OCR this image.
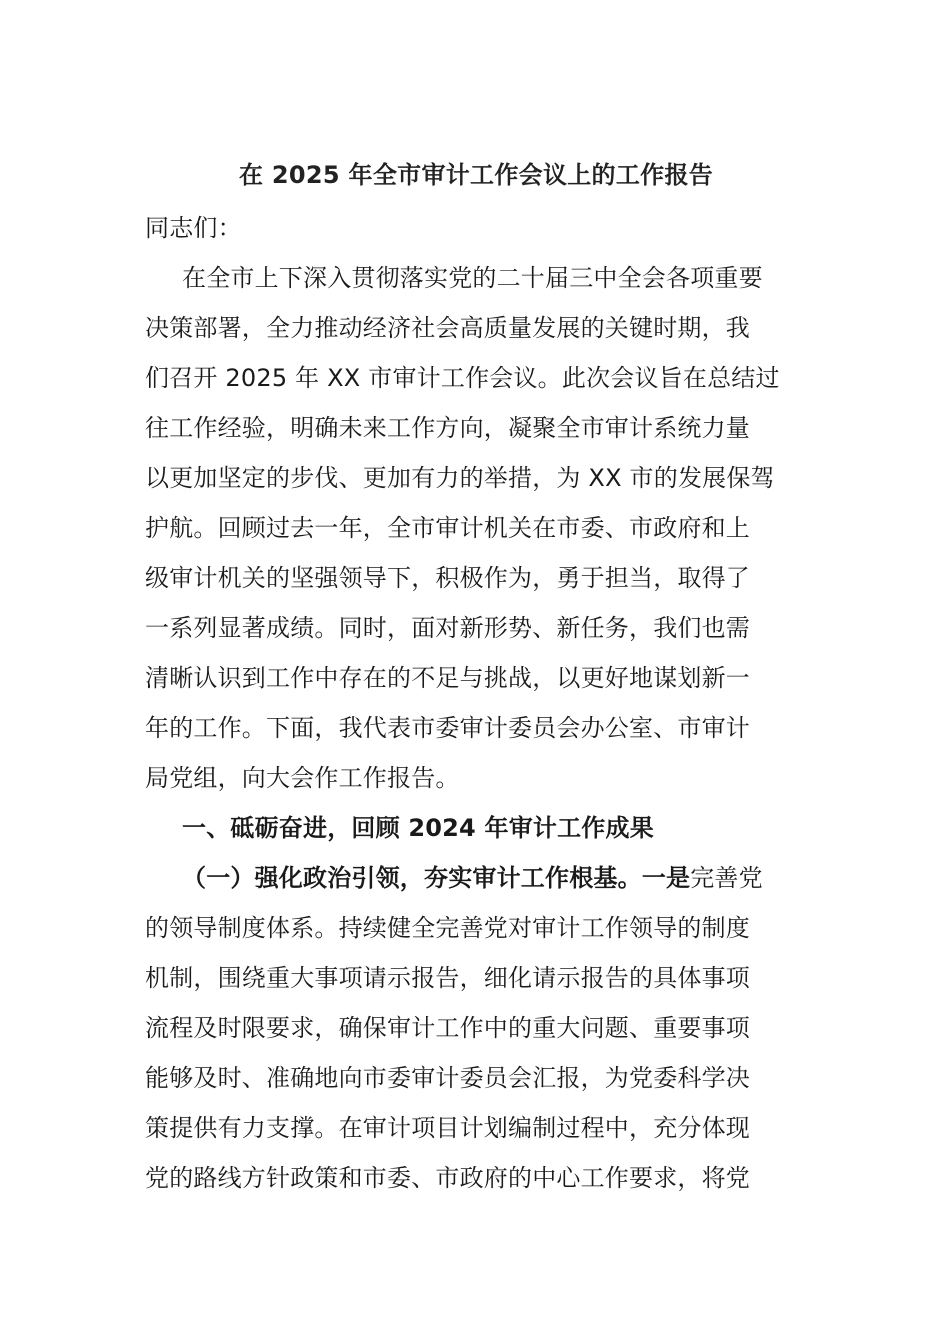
在 2025 年全市审计工作会议上的工作报告

同志们：

在全市上下深入贯彻落实党的二十届三中全会各项重要

决策部署，全力推动经济社会高质量发展的关键时期，我

们召开 2025 年 XX 市审计工作会议。此次会议旨在总结过

往工作经验，明确未来工作方向，凝聚全市审计系统力量

以更加坚定的步伐、更加有力的举措，为 XX 市的发展保驾

护航。回顾过去一年，全市审计机关在市委、市政府和上

级审计机关的坚强领导下，积极作为，勇于担当，取得了

一系列显著成绩。同时，面对新形势、新任务，我们也需

清晰认识到工作中存在的不足与挑战，以更好地谋划新一

年的工作。下面，我代表市委审计委员会办公室、市审计

局党组，向大会作工作报告。

一、砥砺奋进，回顾 2024 年审计工作成果

（一）强化政治引领，夯实审计工作根基。一是完善党

的领导制度体系。持续健全完善党对审计工作领导的制度

机制，围绕重大事项请示报告，细化请示报告的具体事项

流程及时限要求，确保审计工作中的重大问题、重要事项

能够及时、准确地向市委审计委员会汇报，为党委科学决

策提供有力支撑。在审计项目计划编制过程中，充分体现

党的路线方针政策和市委、市政府的中心工作要求，将党
